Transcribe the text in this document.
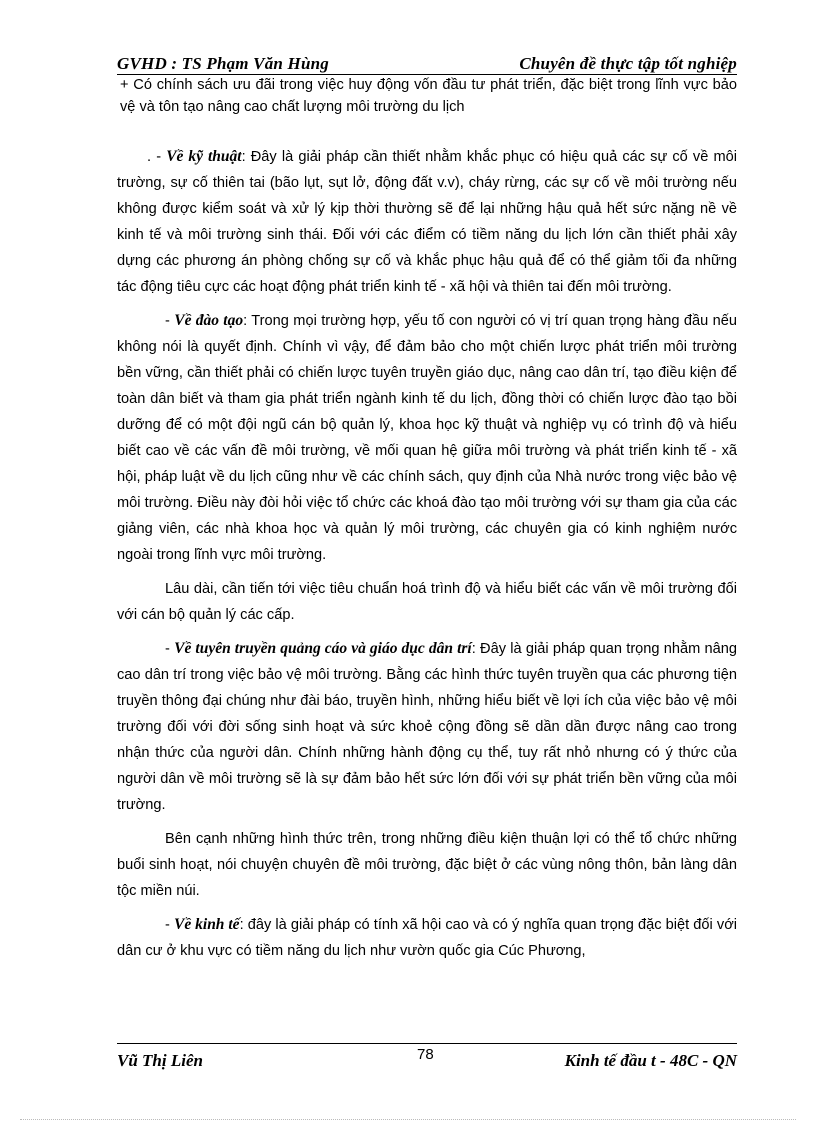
GVHD : TS Phạm Văn Hùng	Chuyên đề thực tập tốt nghiệp

+ Có chính sách ưu đãi trong việc huy động vốn đầu tư phát triển, đặc biệt trong lĩnh vực bảo vệ và tôn tạo nâng cao chất lượng môi trường du lịch

. - Về kỹ thuật: Đây là giải pháp cần thiết nhằm khắc phục có hiệu quả các sự cố về môi trường, sự cố thiên tai (bão lụt, sụt lở, động đất v.v), cháy rừng, các sự cố về môi trường nếu không được kiểm soát và xử lý kịp thời thường sẽ để lại những hậu quả hết sức nặng nề về kinh tế và môi trường sinh thái. Đối với các điểm có tiềm năng du lịch lớn cần thiết phải xây dựng các phương án phòng chống sự cố và khắc phục hậu quả để có thể giảm tối đa những tác động tiêu cực các hoạt động phát triển kinh tế - xã hội và thiên tai đến môi trường.

- Về đào tạo: Trong mọi trường hợp, yếu tố con người có vị trí quan trọng hàng đầu nếu không nói là quyết định. Chính vì vậy, để đảm bảo cho một chiến lược phát triển môi trường bền vững, cần thiết phải có chiến lược tuyên truyền giáo dục, nâng cao dân trí, tạo điều kiện để toàn dân biết và tham gia phát triển ngành kinh tế du lịch, đồng thời có chiến lược đào tạo bồi dưỡng để có một đội ngũ cán bộ quản lý, khoa học kỹ thuật và nghiệp vụ có trình độ và hiểu biết cao về các vấn đề môi trường, về mối quan hệ giữa môi trường và phát triển kinh tế - xã hội, pháp luật về du lịch cũng như về các chính sách, quy định của Nhà nước trong việc bảo vệ môi trường. Điều này đòi hỏi việc tổ chức các khoá đào tạo môi trường với sự tham gia của các giảng viên, các nhà khoa học và quản lý môi trường, các chuyên gia có kinh nghiệm nước ngoài trong lĩnh vực môi trường.

Lâu dài, cần tiến tới việc tiêu chuẩn hoá trình độ và hiểu biết các vấn về môi trường đối với cán bộ quản lý các cấp.

- Về tuyên truyền quảng cáo và giáo dục dân trí: Đây là giải pháp quan trọng nhằm nâng cao dân trí trong việc bảo vệ môi trường. Bằng các hình thức tuyên truyền qua các phương tiện truyền thông đại chúng như đài báo, truyền hình, những hiểu biết về lợi ích của việc bảo vệ môi trường đối với đời sống sinh hoạt và sức khoẻ cộng đồng sẽ dần dần được nâng cao trong nhận thức của người dân. Chính những hành động cụ thể, tuy rất nhỏ nhưng có ý thức của người dân về môi trường sẽ là sự đảm bảo hết sức lớn đối với sự phát triển bền vững của môi trường.

Bên cạnh những hình thức trên, trong những điều kiện thuận lợi có thể tổ chức những buổi sinh hoạt, nói chuyện chuyên đề môi trường, đặc biệt ở các vùng nông thôn, bản làng dân tộc miền núi.

- Về kinh tế: đây là giải pháp có tính xã hội cao và có ý nghĩa quan trọng đặc biệt đối với dân cư ở khu vực có tiềm năng du lịch như vườn quốc gia Cúc Phương,

Vũ Thị Liên	78	Kinh tế đầu t - 48C - QN
